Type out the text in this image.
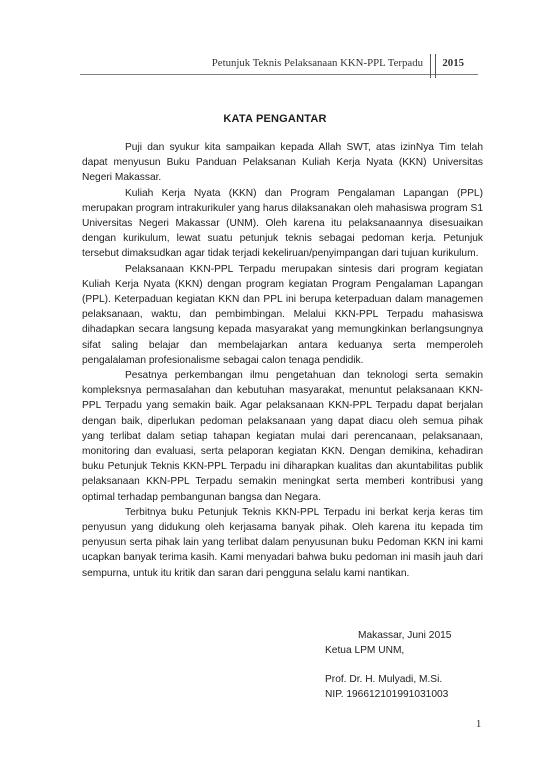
Petunjuk Teknis Pelaksanaan KKN-PPL Terpadu 2015
KATA PENGANTAR

Puji dan syukur kita sampaikan kepada Allah SWT, atas izinNya Tim telah dapat menyusun Buku Panduan Pelaksanan Kuliah Kerja Nyata (KKN) Universitas Negeri Makassar.

Kuliah Kerja Nyata (KKN) dan Program Pengalaman Lapangan (PPL) merupakan program intrakurikuler yang harus dilaksanakan oleh mahasiswa program S1 Universitas Negeri Makassar (UNM). Oleh karena itu pelaksanaannya disesuaikan dengan kurikulum, lewat suatu petunjuk teknis sebagai pedoman kerja. Petunjuk tersebut dimaksudkan agar tidak terjadi kekeliruan/penyimpangan dari tujuan kurikulum.

Pelaksanaan KKN-PPL Terpadu merupakan sintesis dari program kegiatan Kuliah Kerja Nyata (KKN) dengan program kegiatan Program Pengalaman Lapangan (PPL). Keterpaduan kegiatan KKN dan PPL ini berupa keterpaduan dalam managemen pelaksanaan, waktu, dan pembimbingan. Melalui KKN-PPL Terpadu mahasiswa dihadapkan secara langsung kepada masyarakat yang memungkinkan berlangsungnya sifat saling belajar dan membelajarkan antara keduanya serta memperoleh pengalalaman profesionalisme sebagai calon tenaga pendidik.

Pesatnya perkembangan ilmu pengetahuan dan teknologi serta semakin kompleksnya permasalahan dan kebutuhan masyarakat, menuntut pelaksanaan KKN-PPL Terpadu yang semakin baik. Agar pelaksanaan KKN-PPL Terpadu dapat berjalan dengan baik, diperlukan pedoman pelaksanaan yang dapat diacu oleh semua pihak yang terlibat dalam setiap tahapan kegiatan mulai dari perencanaan, pelaksanaan, monitoring dan evaluasi, serta pelaporan kegiatan KKN. Dengan demikina, kehadiran buku Petunjuk Teknis KKN-PPL Terpadu ini diharapkan kualitas dan akuntabilitas publik pelaksanaan KKN-PPL Terpadu semakin meningkat serta memberi kontribusi yang optimal terhadap pembangunan bangsa dan Negara.

Terbitnya buku Petunjuk Teknis KKN-PPL Terpadu ini berkat kerja keras tim penyusun yang didukung oleh kerjasama banyak pihak. Oleh karena itu kepada tim penyusun serta pihak lain yang terlibat dalam penyusunan buku Pedoman KKN ini kami ucapkan banyak terima kasih. Kami menyadari bahwa buku pedoman ini masih jauh dari sempurna, untuk itu kritik dan saran dari pengguna selalu kami nantikan.

Makassar, Juni 2015
Ketua LPM UNM,
Prof. Dr. H. Mulyadi, M.Si.
NIP. 196612101991031003
1
